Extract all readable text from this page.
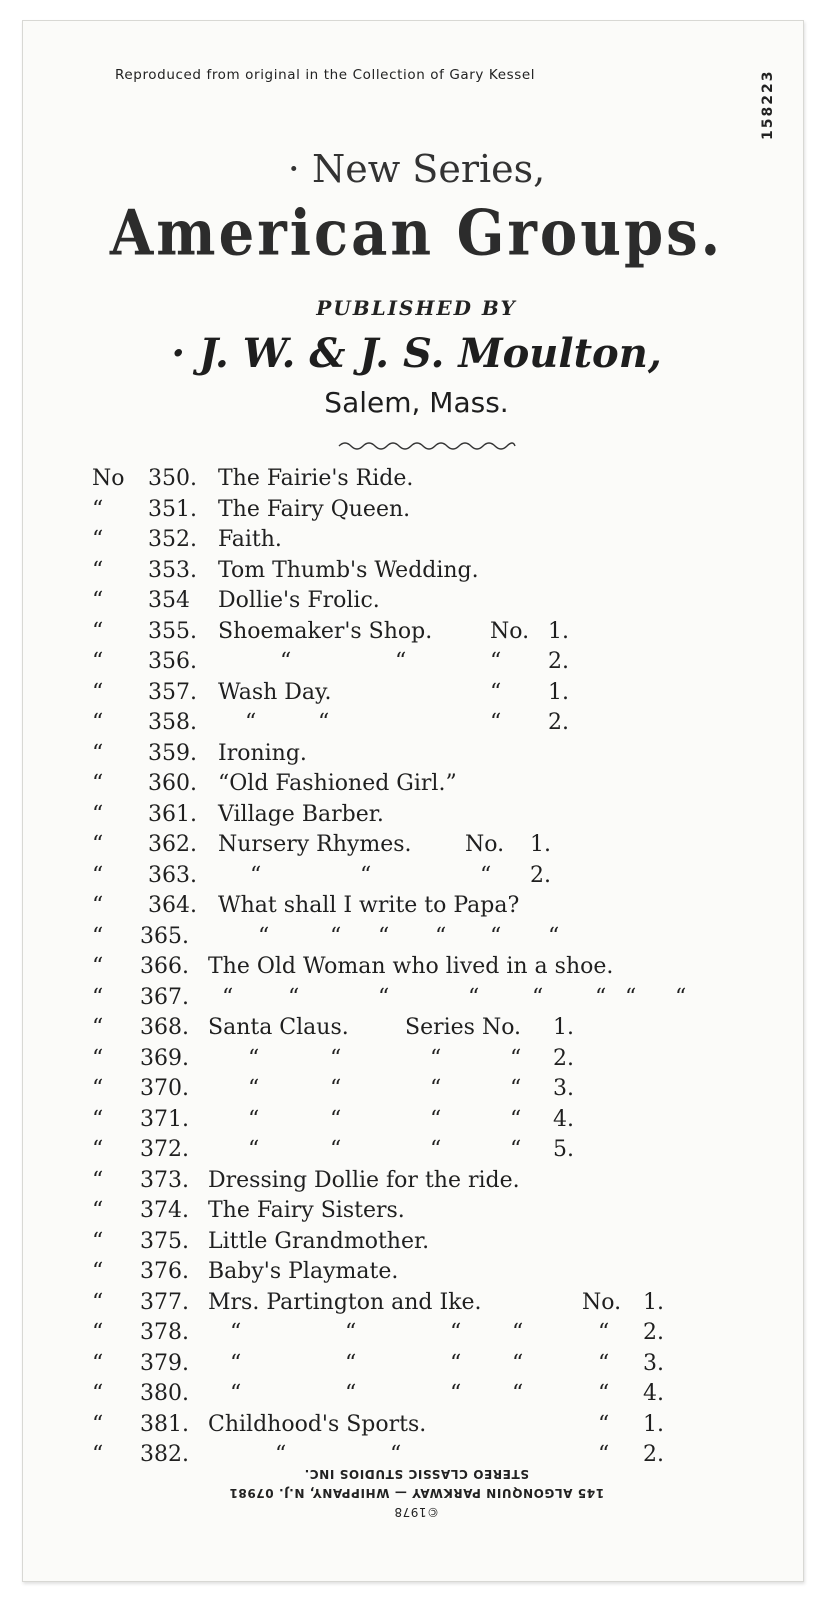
Reproduced from original in the Collection of Gary Kessel	158223
· New Series,
American Groups.
PUBLISHED BY
· J. W. & J. S. Moulton,
Salem, Mass.
No 350. The Fairie's Ride.
“ 351. The Fairy Queen.
“ 352. Faith.
“ 353. Tom Thumb's Wedding.
“ 354 Dollie's Frolic.
“ 355. Shoemaker's Shop.	No. 1.
“ 356.	“	“	“ 2.
“ 357. Wash Day.	“ 1.
“ 358. “	“	“ 2.
“ 359. Ironing.
“ 360. “Old Fashioned Girl.”
“ 361. Village Barber.
“ 362. Nursery Rhymes. No. 1.
“ 363. “	“	“ 2.
“ 364. What shall I write to Papa?
“ 365.	“	“ “ “ “ “
“ 366. The Old Woman who lived in a shoe.
“ 367. “ “	“	“ “ “ “ “
“ 368. Santa Claus.	Series No. 1.
“ 369.	“	“	“	“ 2.
“ 370.	“	“	“	“ 3.
“ 371.	“	“	“	“ 4.
“ 372.	“	“	“	“ 5.
“ 373. Dressing Dollie for the ride.
“ 374. The Fairy Sisters.
“ 375. Little Grandmother.
“ 376. Baby's Playmate.
“ 377. Mrs. Partington and Ike.	No. 1.
“ 378. “	“	“ “	“ 2.
“ 379. “	“	“ “	“ 3.
“ 380. “	“	“ “	“ 4.
“ 381. Childhood's Sports.	“ 1.
“ 382.	“	“	“ 2.
©1978
145 ALGONQUIN PARKWAY — WHIPPANY, N.J. 07981
STEREO CLASSIC STUDIOS INC.
